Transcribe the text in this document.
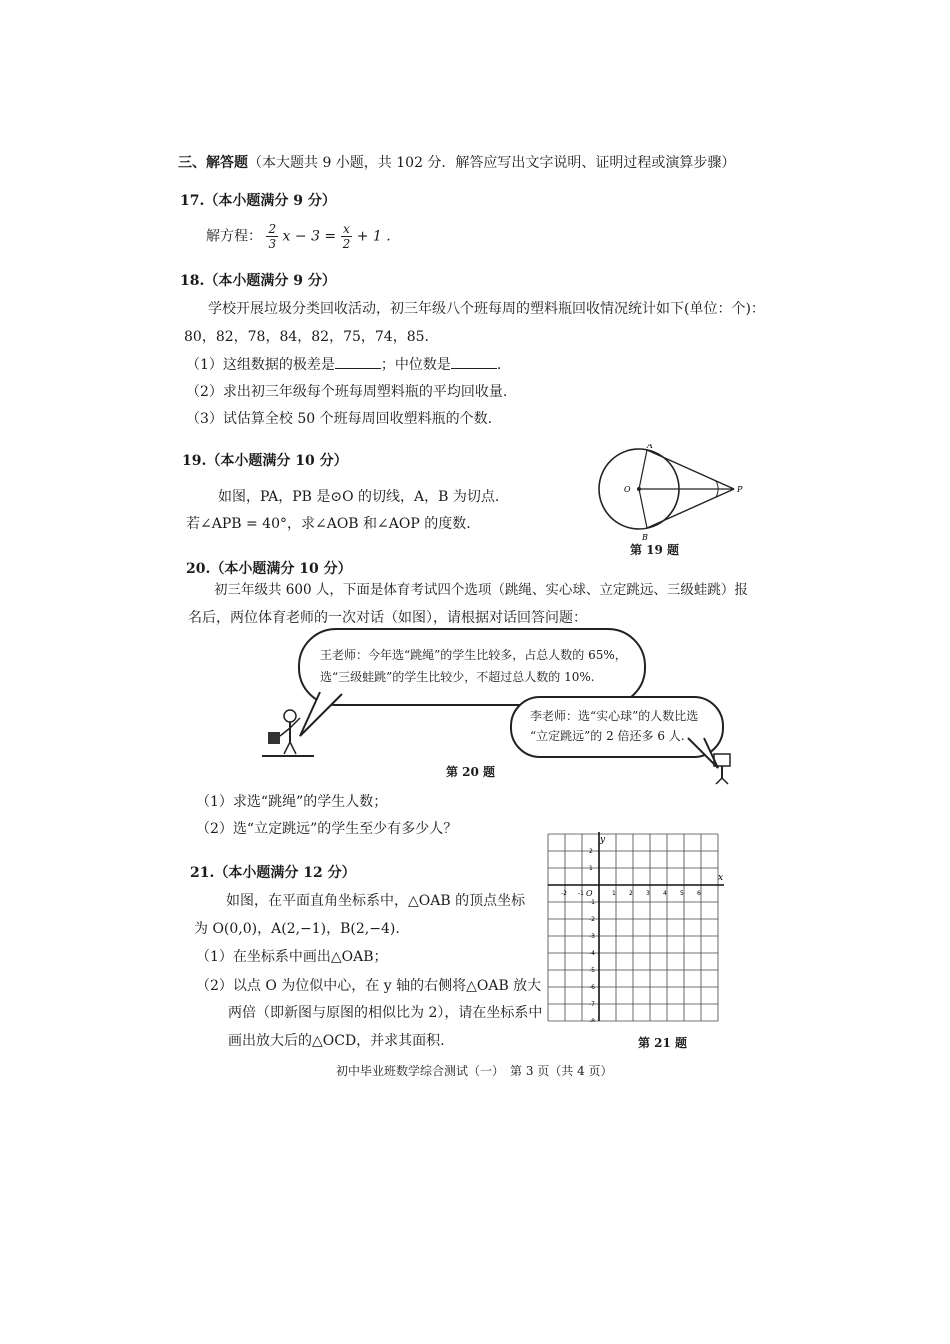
三、解答题（本大题共 9 小题，共 102 分．解答应写出文字说明、证明过程或演算步骤）
17.（本小题满分 9 分）
解方程： $\frac{2}{3}$ $x - 3 = \frac{x}{2} + 1$ .
18.（本小题满分 9 分）
学校开展垃圾分类回收活动，初三年级八个班每周的塑料瓶回收情况统计如下(单位：个)：
80，82，78，84，82，75，74，85.
（1）这组数据的极差是	；中位数是	.
（2）求出初三年级每个班每周塑料瓶的平均回收量.
（3）试估算全校 50 个班每周回收塑料瓶的个数.
19.（本小题满分 10 分）
如图，PA，PB 是⊙O 的切线，A，B 为切点.
若∠APB = 40°，求∠AOB 和∠AOP 的度数.
A
B
O	P
第 19 题
20.（本小题满分 10 分）
初三年级共 600 人，下面是体育考试四个选项（跳绳、实心球、立定跳远、三级蛙跳）报
名后，两位体育老师的一次对话（如图），请根据对话回答问题：
王老师：今年选“跳绳”的学生比较多，占总人数的 65%，
选“三级蛙跳”的学生比较少，不超过总人数的 10%.
李老师：选“实心球”的人数比选
“立定跳远”的 2 倍还多 6 人.
第 20 题
（1）求选“跳绳”的学生人数；
（2）选“立定跳远”的学生至少有多少人？
21.（本小题满分 12 分）
如图，在平面直角坐标系中，△OAB 的顶点坐标
为 O(0,0)，A(2,−1)，B(2,−4).
（1）在坐标系中画出△OAB；
（2）以点 O 为位似中心，在 y 轴的右侧将△OAB 放大
两倍（即新图与原图的相似比为 2），请在坐标系中
画出放大后的△OCD，并求其面积.
-2 -1	1 2 3 4 5 6
2
1
-1
-2
-3
-4
-5
-6
-7
-8
x
y
O
第 21 题
初中毕业班数学综合测试（一）　第 3 页（共 4 页）
